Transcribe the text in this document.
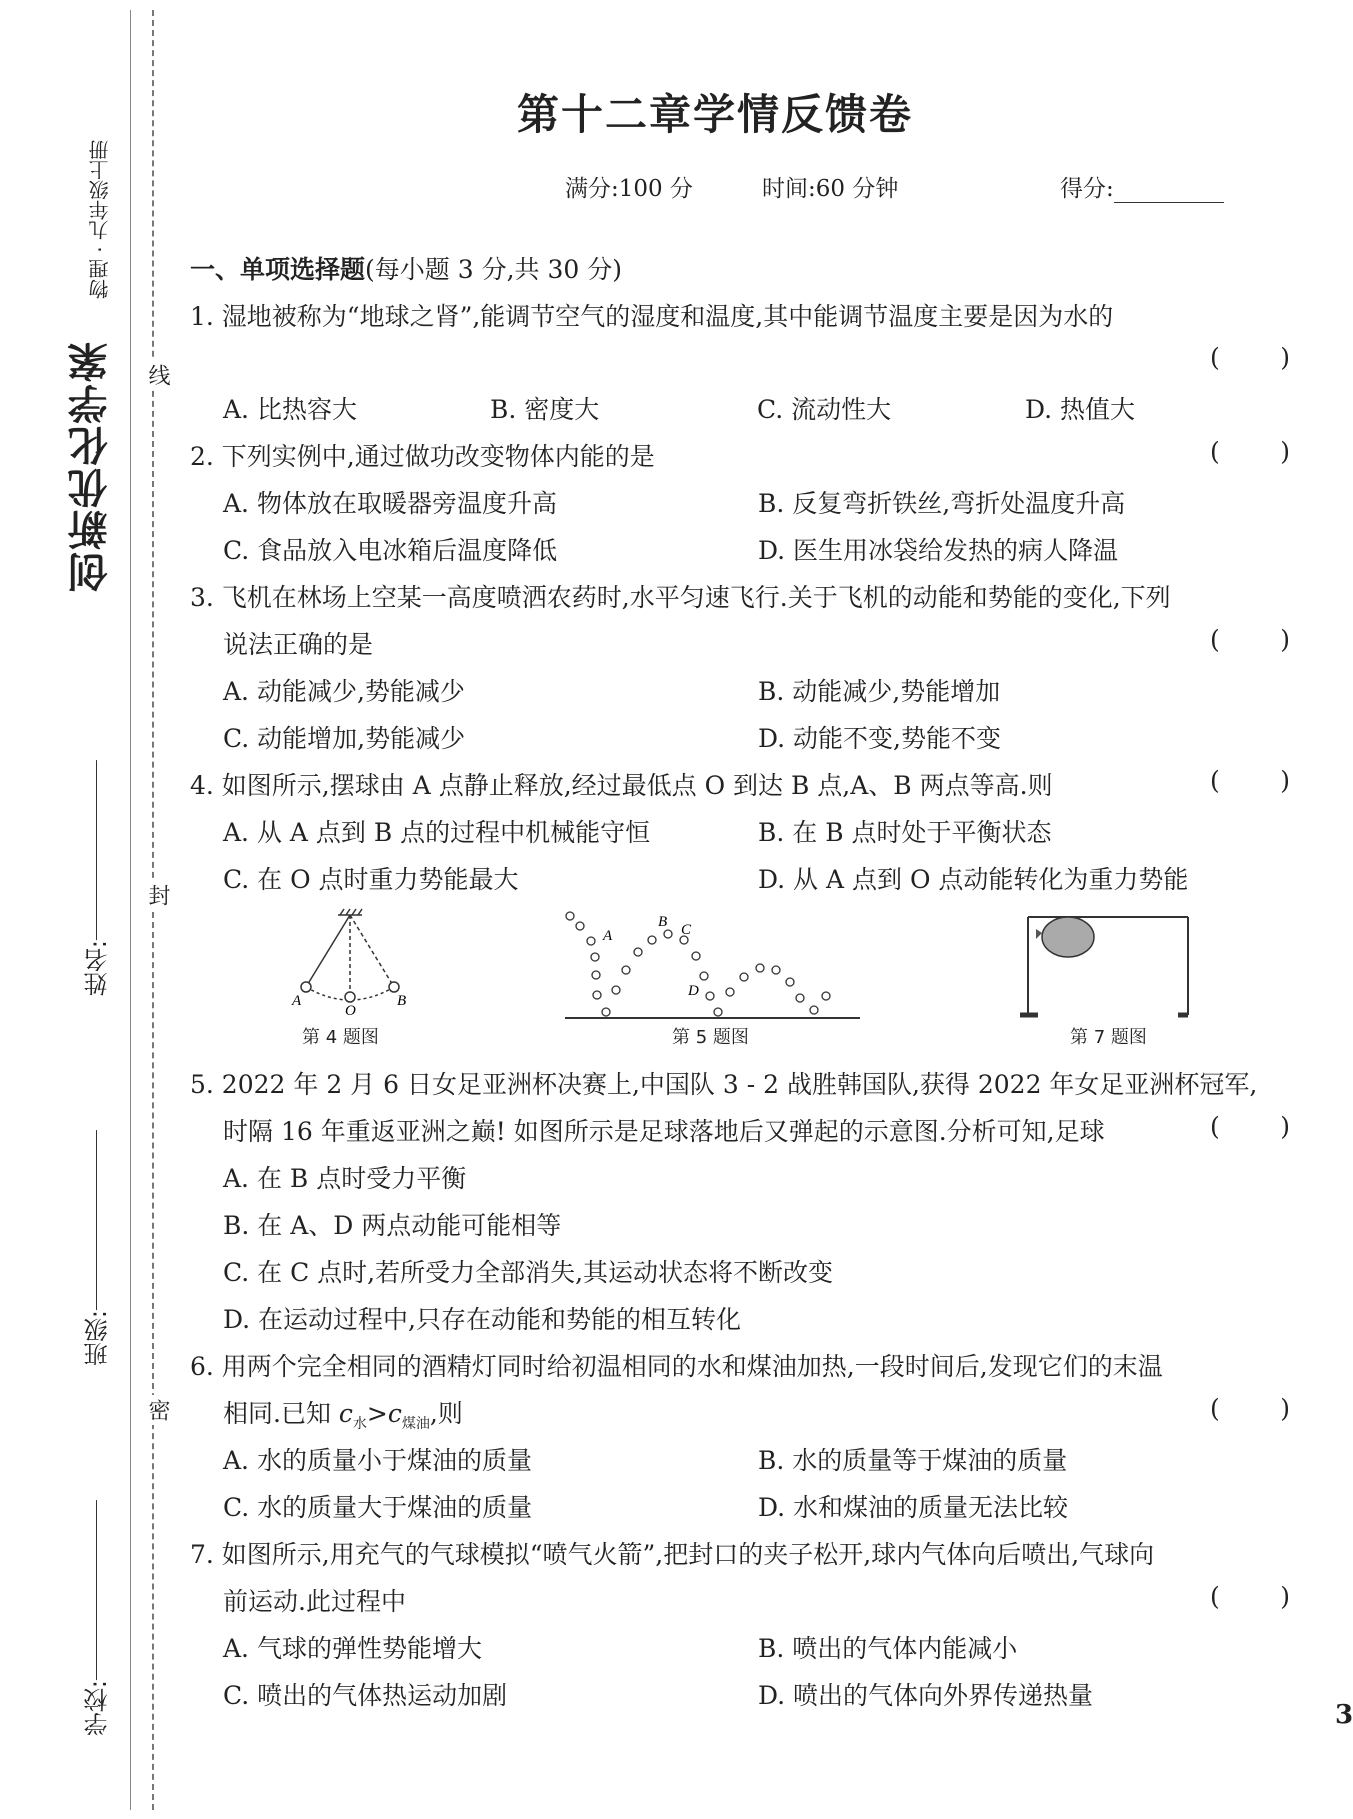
物理 · 九年级上册
创新优化学案
姓名:
班级:
学校:
线
封
密
第十二章学情反馈卷
满分:100 分	时间:60 分钟	得分:
一、单项选择题(每小题 3 分,共 30 分)
1. 湿地被称为“地球之肾”,能调节空气的湿度和温度,其中能调节温度主要是因为水的
( )
A. 比热容大	B. 密度大	C. 流动性大	D. 热值大
2. 下列实例中,通过做功改变物体内能的是	( )
A. 物体放在取暖器旁温度升高	B. 反复弯折铁丝,弯折处温度升高
C. 食品放入电冰箱后温度降低	D. 医生用冰袋给发热的病人降温
3. 飞机在林场上空某一高度喷洒农药时,水平匀速飞行.关于飞机的动能和势能的变化,下列
说法正确的是	( )
A. 动能减少,势能减少	B. 动能减少,势能增加
C. 动能增加,势能减少	D. 动能不变,势能不变
4. 如图所示,摆球由 A 点静止释放,经过最低点 O 到达 B 点,A、B 两点等高.则	( )
A. 从 A 点到 B 点的过程中机械能守恒	B. 在 B 点时处于平衡状态
C. 在 O 点时重力势能最大	D. 从 A 点到 O 点动能转化为重力势能
A
O
B
第 4 题图
A
B C
D
第 5 题图	第 7 题图
5. 2022 年 2 月 6 日女足亚洲杯决赛上,中国队 3 - 2 战胜韩国队,获得 2022 年女足亚洲杯冠军,
时隔 16 年重返亚洲之巅! 如图所示是足球落地后又弹起的示意图.分析可知,足球	( )
A. 在 B 点时受力平衡
B. 在 A、D 两点动能可能相等
C. 在 C 点时,若所受力全部消失,其运动状态将不断改变
D. 在运动过程中,只存在动能和势能的相互转化
6. 用两个完全相同的酒精灯同时给初温相同的水和煤油加热,一段时间后,发现它们的末温
相同.已知 $c_水>c_{煤油}$,则	( )
A. 水的质量小于煤油的质量	B. 水的质量等于煤油的质量
C. 水的质量大于煤油的质量	D. 水和煤油的质量无法比较
7. 如图所示,用充气的气球模拟“喷气火箭”,把封口的夹子松开,球内气体向后喷出,气球向
前运动.此过程中	( )
A. 气球的弹性势能增大	B. 喷出的气体内能减小
C. 喷出的气体热运动加剧	D. 喷出的气体向外界传递热量
3
